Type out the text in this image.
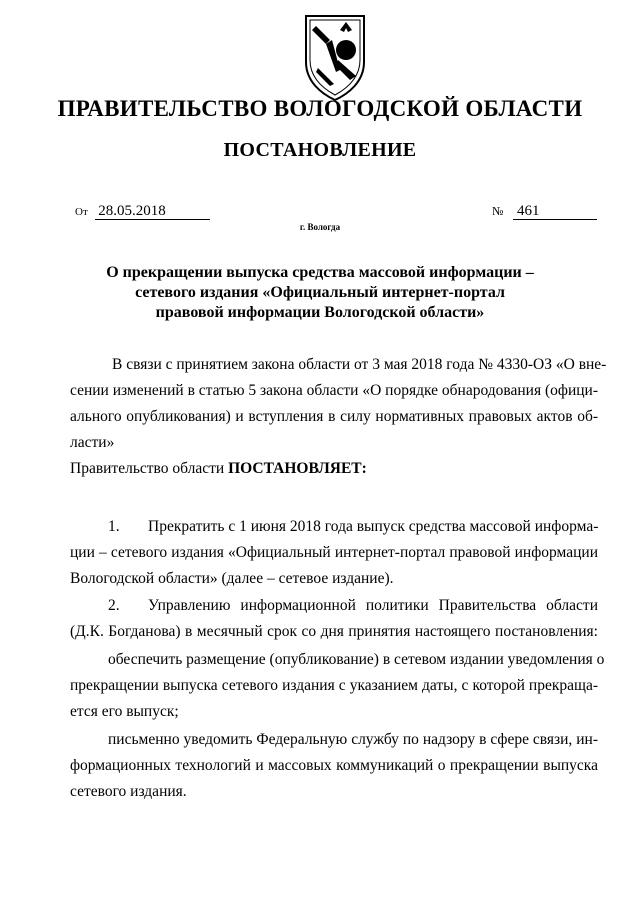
ПРАВИТЕЛЬСТВО ВОЛОГОДСКОЙ ОБЛАСТИ
ПОСТАНОВЛЕНИЕ
От 28.05.2018	№ 461
г. Вологда
О прекращении выпуска средства массовой информации –
сетевого издания «Официальный интернет-портал
правовой информации Вологодской области»
В связи с принятием закона области от 3 мая 2018 года № 4330-ОЗ «О вне-
сении изменений в статью 5 закона области «О порядке обнародования (офици-
ального опубликования) и вступления в силу нормативных правовых актов об-
ласти»
Правительство области ПОСТАНОВЛЯЕТ:
1. Прекратить с 1 июня 2018 года выпуск средства массовой информа-
ции – сетевого издания «Официальный интернет-портал правовой информации
Вологодской области» (далее – сетевое издание).
2. Управлению информационной политики Правительства области
(Д.К. Богданова) в месячный срок со дня принятия настоящего постановления:
обеспечить размещение (опубликование) в сетевом издании уведомления о
прекращении выпуска сетевого издания с указанием даты, с которой прекраща-
ется его выпуск;
письменно уведомить Федеральную службу по надзору в сфере связи, ин-
формационных технологий и массовых коммуникаций о прекращении выпуска
сетевого издания.
